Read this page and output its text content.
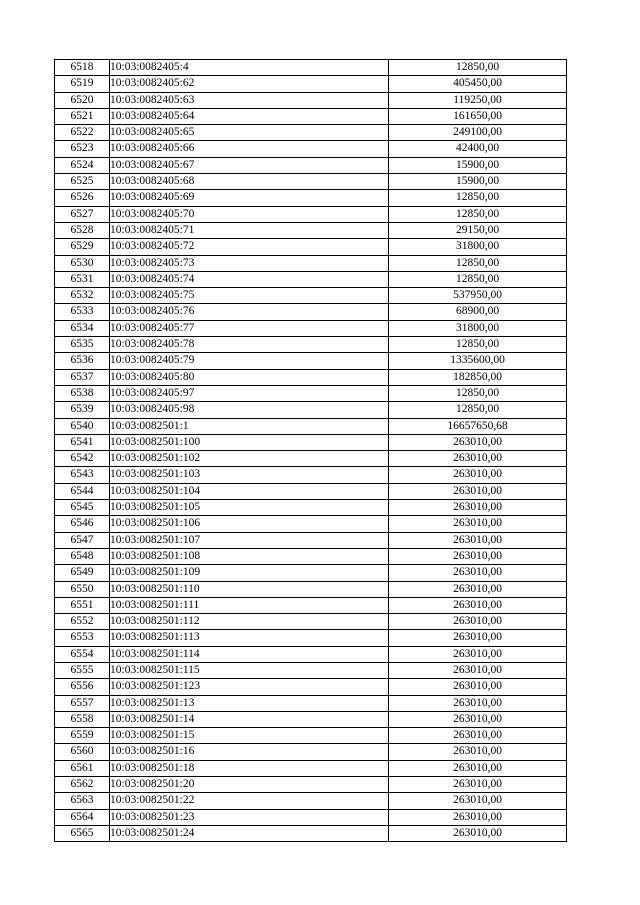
6518	10:03:0082405:4	12850,00
6519	10:03:0082405:62	405450,00
6520	10:03:0082405:63	119250,00
6521	10:03:0082405:64	161650,00
6522	10:03:0082405:65	249100,00
6523	10:03:0082405:66	42400,00
6524	10:03:0082405:67	15900,00
6525	10:03:0082405:68	15900,00
6526	10:03:0082405:69	12850,00
6527	10:03:0082405:70	12850,00
6528	10:03:0082405:71	29150,00
6529	10:03:0082405:72	31800,00
6530	10:03:0082405:73	12850,00
6531	10:03:0082405:74	12850,00
6532	10:03:0082405:75	537950,00
6533	10:03:0082405:76	68900,00
6534	10:03:0082405:77	31800,00
6535	10:03:0082405:78	12850,00
6536	10:03:0082405:79	1335600,00
6537	10:03:0082405:80	182850,00
6538	10:03:0082405:97	12850,00
6539	10:03:0082405:98	12850,00
6540	10:03:0082501:1	16657650,68
6541	10:03:0082501:100	263010,00
6542	10:03:0082501:102	263010,00
6543	10:03:0082501:103	263010,00
6544	10:03:0082501:104	263010,00
6545	10:03:0082501:105	263010,00
6546	10:03:0082501:106	263010,00
6547	10:03:0082501:107	263010,00
6548	10:03:0082501:108	263010,00
6549	10:03:0082501:109	263010,00
6550	10:03:0082501:110	263010,00
6551	10:03:0082501:111	263010,00
6552	10:03:0082501:112	263010,00
6553	10:03:0082501:113	263010,00
6554	10:03:0082501:114	263010,00
6555	10:03:0082501:115	263010,00
6556	10:03:0082501:123	263010,00
6557	10:03:0082501:13	263010,00
6558	10:03:0082501:14	263010,00
6559	10:03:0082501:15	263010,00
6560	10:03:0082501:16	263010,00
6561	10:03:0082501:18	263010,00
6562	10:03:0082501:20	263010,00
6563	10:03:0082501:22	263010,00
6564	10:03:0082501:23	263010,00
6565	10:03:0082501:24	263010,00
